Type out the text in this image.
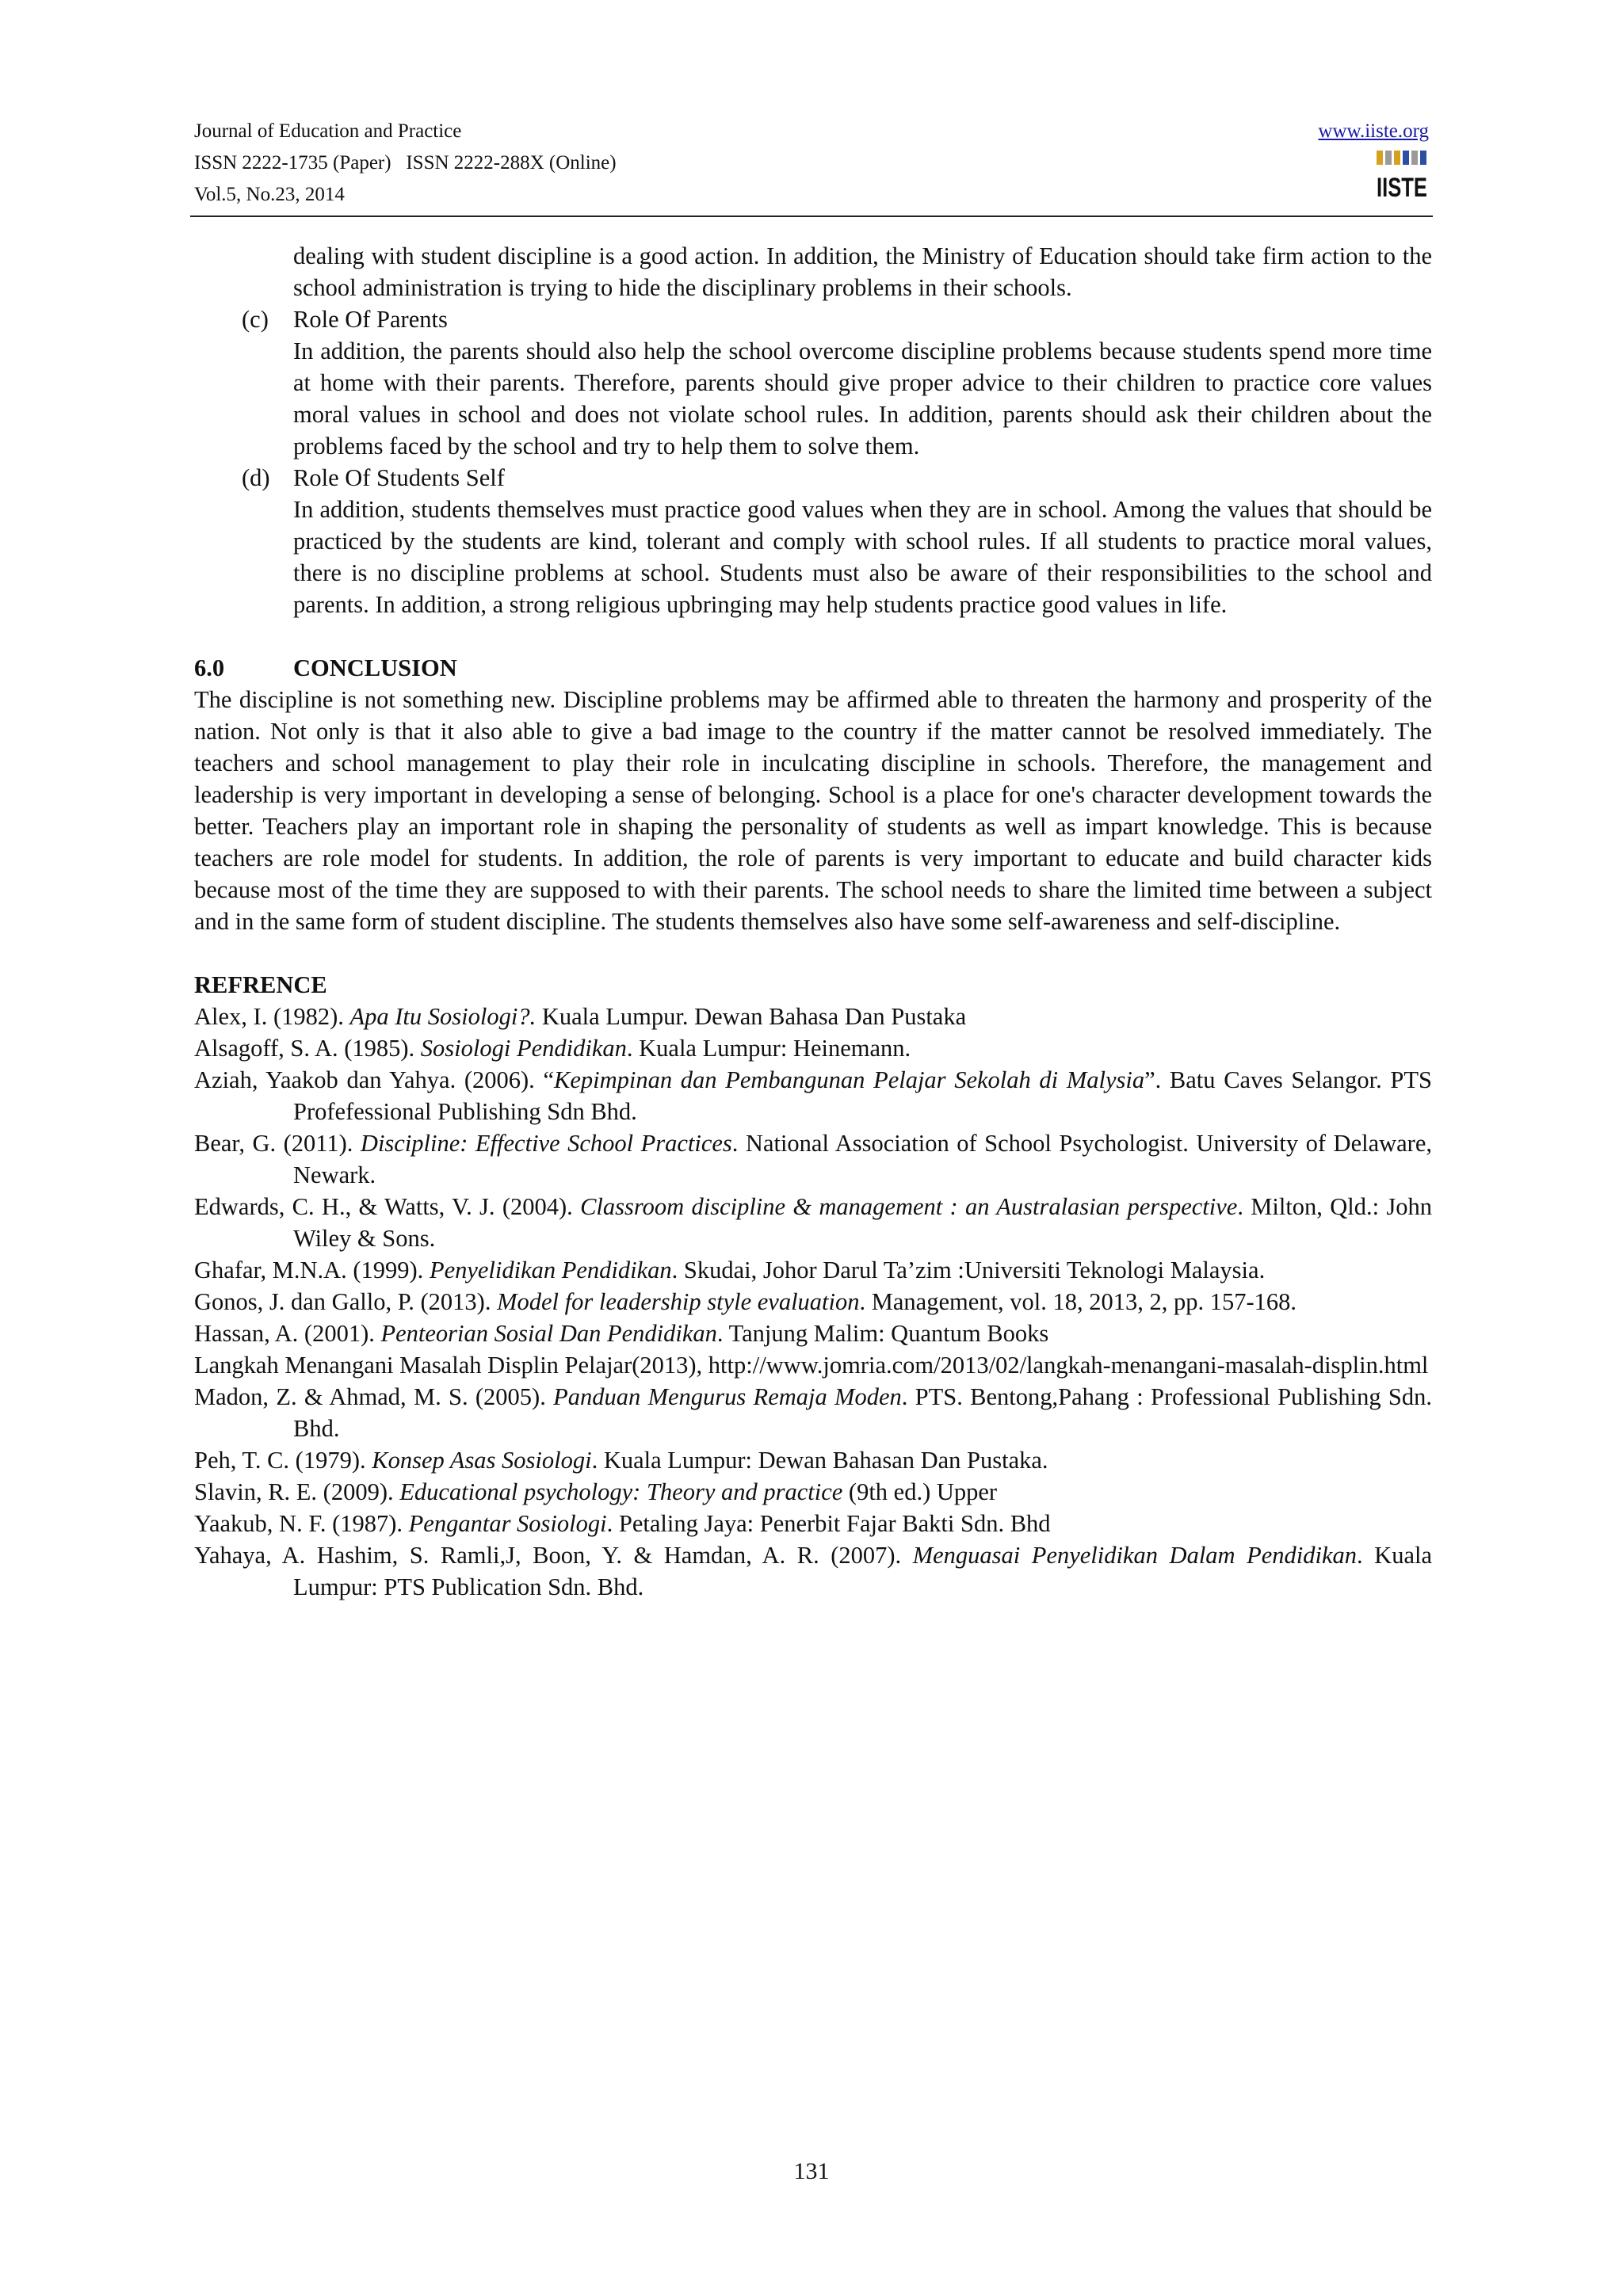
Journal of Education and Practice
ISSN 2222-1735 (Paper)   ISSN 2222-288X (Online)
Vol.5, No.23, 2014
www.iiste.org
IISTE

dealing with student discipline is a good action. In addition, the Ministry of Education should take firm action to the school administration is trying to hide the disciplinary problems in their schools.

(c) Role Of Parents

In addition, the parents should also help the school overcome discipline problems because students spend more time at home with their parents. Therefore, parents should give proper advice to their children to practice core values moral values in school and does not violate school rules. In addition, parents should ask their children about the problems faced by the school and try to help them to solve them.

(d) Role Of Students Self

In addition, students themselves must practice good values when they are in school. Among the values that should be practiced by the students are kind, tolerant and comply with school rules. If all students to practice moral values, there is no discipline problems at school. Students must also be aware of their responsibilities to the school and parents. In addition, a strong religious upbringing may help students practice good values in life.

6.0	CONCLUSION

The discipline is not something new. Discipline problems may be affirmed able to threaten the harmony and prosperity of the nation. Not only is that it also able to give a bad image to the country if the matter cannot be resolved immediately. The teachers and school management to play their role in inculcating discipline in schools. Therefore, the management and leadership is very important in developing a sense of belonging. School is a place for one's character development towards the better. Teachers play an important role in shaping the personality of students as well as impart knowledge. This is because teachers are role model for students. In addition, the role of parents is very important to educate and build character kids because most of the time they are supposed to with their parents. The school needs to share the limited time between a subject and in the same form of student discipline. The students themselves also have some self-awareness and self-discipline.

REFRENCE

Alex, I. (1982). Apa Itu Sosiologi?. Kuala Lumpur. Dewan Bahasa Dan Pustaka

Alsagoff, S. A. (1985). Sosiologi Pendidikan. Kuala Lumpur: Heinemann.

Aziah, Yaakob dan Yahya. (2006). “Kepimpinan dan Pembangunan Pelajar Sekolah di Malysia”. Batu Caves Selangor. PTS Profefessional Publishing Sdn Bhd.

Bear, G. (2011). Discipline: Effective School Practices. National Association of School Psychologist. University of Delaware, Newark.

Edwards, C. H., & Watts, V. J. (2004). Classroom discipline & management : an Australasian perspective. Milton, Qld.: John Wiley & Sons.

Ghafar, M.N.A. (1999). Penyelidikan Pendidikan. Skudai, Johor Darul Ta’zim :Universiti Teknologi Malaysia.

Gonos, J. dan Gallo, P. (2013). Model for leadership style evaluation. Management, vol. 18, 2013, 2, pp. 157-168.

Hassan, A. (2001). Penteorian Sosial Dan Pendidikan. Tanjung Malim: Quantum Books

Langkah Menangani Masalah Displin Pelajar(2013), http://www.jomria.com/2013/02/langkah-menangani-masalah-displin.html

Madon, Z. & Ahmad, M. S. (2005). Panduan Mengurus Remaja Moden. PTS. Bentong,Pahang : Professional Publishing Sdn. Bhd.

Peh, T. C. (1979). Konsep Asas Sosiologi. Kuala Lumpur: Dewan Bahasan Dan Pustaka.

Slavin, R. E. (2009). Educational psychology: Theory and practice (9th ed.) Upper

Yaakub, N. F. (1987). Pengantar Sosiologi. Petaling Jaya: Penerbit Fajar Bakti Sdn. Bhd

Yahaya, A. Hashim, S. Ramli,J, Boon, Y. & Hamdan, A. R. (2007). Menguasai Penyelidikan Dalam Pendidikan. Kuala Lumpur: PTS Publication Sdn. Bhd.

131
